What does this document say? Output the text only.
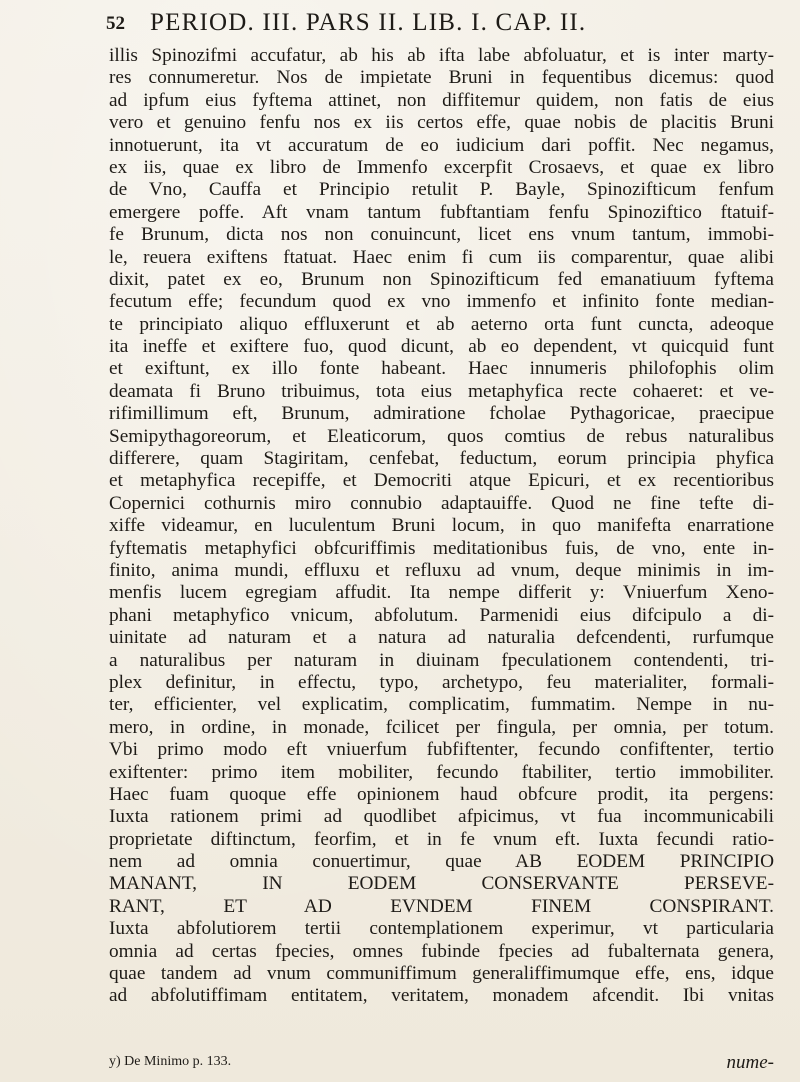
52 PERIOD. III. PARS II. LIB. I. CAP. II.
illis Spinozifmi accufatur, ab his ab ifta labe abfoluatur, et is inter marty-
res connumeretur. Nos de impietate Bruni in fequentibus dicemus: quod
ad ipfum eius fyftema attinet, non diffitemur quidem, non fatis de eius
vero et genuino fenfu nos ex iis certos effe, quae nobis de placitis Bruni
innotuerunt, ita vt accuratum de eo iudicium dari poffit. Nec negamus,
ex iis, quae ex libro de Immenfo excerpfit Crosaevs, et quae ex libro
de Vno, Cauffa et Principio retulit P. Bayle, Spinozifticum fenfum
emergere poffe. Aft vnam tantum fubftantiam fenfu Spinoziftico ftatuif-
fe Brunum, dicta nos non conuincunt, licet ens vnum tantum, immobi-
le, reuera exiftens ftatuat. Haec enim fi cum iis comparentur, quae alibi
dixit, patet ex eo, Brunum non Spinozifticum fed emanatiuum fyftema
fecutum effe; fecundum quod ex vno immenfo et infinito fonte median-
te principiato aliquo effluxerunt et ab aeterno orta funt cuncta, adeoque
ita ineffe et exiftere fuo, quod dicunt, ab eo dependent, vt quicquid funt
et exiftunt, ex illo fonte habeant. Haec innumeris philofophis olim
deamata fi Bruno tribuimus, tota eius metaphyfica recte cohaeret: et ve-
rifimillimum eft, Brunum, admiratione fcholae Pythagoricae, praecipue
Semipythagoreorum, et Eleaticorum, quos comtius de rebus naturalibus
differere, quam Stagiritam, cenfebat, feductum, eorum principia phyfica
et metaphyfica recepiffe, et Democriti atque Epicuri, et ex recentioribus
Copernici cothurnis miro connubio adaptauiffe. Quod ne fine tefte di-
xiffe videamur, en luculentum Bruni locum, in quo manifefta enarratione
fyftematis metaphyfici obfcuriffimis meditationibus fuis, de vno, ente in-
finito, anima mundi, effluxu et refluxu ad vnum, deque minimis in im-
menfis lucem egregiam affudit. Ita nempe differit y: Vniuerfum Xeno-
phani metaphyfico vnicum, abfolutum. Parmenidi eius difcipulo a di-
uinitate ad naturam et a natura ad naturalia defcendenti, rurfumque
a naturalibus per naturam in diuinam fpeculationem contendenti, tri-
plex definitur, in effectu, typo, archetypo, feu materialiter, formali-
ter, efficienter, vel explicatim, complicatim, fummatim. Nempe in nu-
mero, in ordine, in monade, fcilicet per fingula, per omnia, per totum.
Vbi primo modo eft vniuerfum fubfiftenter, fecundo confiftenter, tertio
exiftenter: primo item mobiliter, fecundo ftabiliter, tertio immobiliter.
Haec fuam quoque effe opinionem haud obfcure prodit, ita pergens:
Iuxta rationem primi ad quodlibet afpicimus, vt fua incommunicabili
proprietate diftinctum, feorfim, et in fe vnum eft. Iuxta fecundi ratio-
nem ad omnia conuertimur, quae AB EODEM PRINCIPIO
MANANT, IN EODEM CONSERVANTE PERSEVE-
RANT, ET AD EVNDEM FINEM CONSPIRANT.
Iuxta abfolutiorem tertii contemplationem experimur, vt particularia
omnia ad certas fpecies, omnes fubinde fpecies ad fubalternata genera,
quae tandem ad vnum communiffimum generaliffimumque effe, ens, idque
ad abfolutiffimam entitatem, veritatem, monadem afcendit. Ibi vnitas
y) De Minimo p. 133.	nume-
